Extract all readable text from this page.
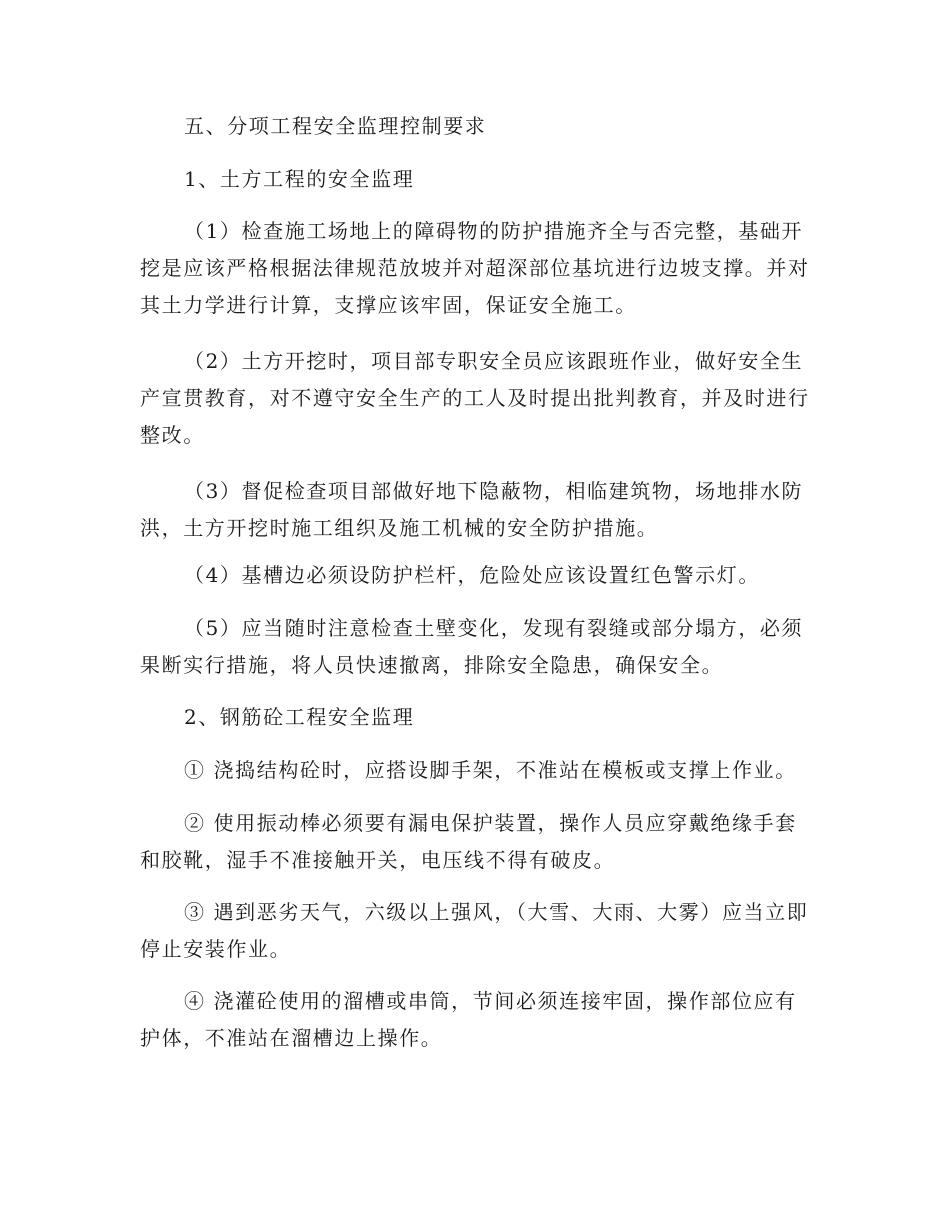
五、分项工程安全监理控制要求

1、土方工程的安全监理

（1）检查施工场地上的障碍物的防护措施齐全与否完整，基础开挖是应该严格根据法律规范放坡并对超深部位基坑进行边坡支撑。并对其土力学进行计算，支撑应该牢固，保证安全施工。

（2）土方开挖时，项目部专职安全员应该跟班作业，做好安全生产宣贯教育，对不遵守安全生产的工人及时提出批判教育，并及时进行整改。

（3）督促检查项目部做好地下隐蔽物，相临建筑物，场地排水防洪，土方开挖时施工组织及施工机械的安全防护措施。

（4）基槽边必须设防护栏杆，危险处应该设置红色警示灯。

（5）应当随时注意检查土壁变化，发现有裂缝或部分塌方，必须果断实行措施，将人员快速撤离，排除安全隐患，确保安全。

2、钢筋砼工程安全监理

① 浇捣结构砼时，应搭设脚手架，不准站在模板或支撑上作业。

② 使用振动棒必须要有漏电保护装置，操作人员应穿戴绝缘手套和胶靴，湿手不准接触开关，电压线不得有破皮。

③ 遇到恶劣天气，六级以上强风，（大雪、大雨、大雾）应当立即停止安装作业。

④ 浇灌砼使用的溜槽或串筒，节间必须连接牢固，操作部位应有护体，不准站在溜槽边上操作。
